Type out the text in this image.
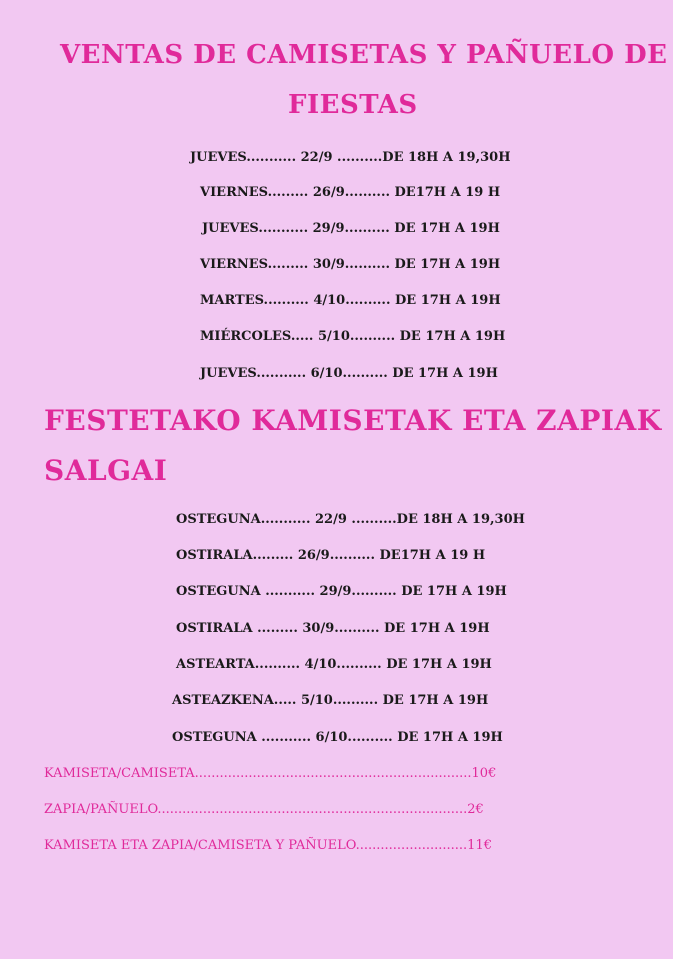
VENTAS DE CAMISETAS Y PAÑUELO DE
FIESTAS
JUEVES........... 22/9 ..........DE 18H A 19,30H
VIERNES......... 26/9.......... DE17H A 19 H
JUEVES........... 29/9.......... DE 17H A 19H
VIERNES......... 30/9.......... DE 17H A 19H
MARTES.......... 4/10.......... DE 17H A 19H
MIÉRCOLES..... 5/10.......... DE 17H A 19H
JUEVES........... 6/10.......... DE 17H A 19H
FESTETAKO KAMISETAK ETA ZAPIAK
SALGAI
OSTEGUNA........... 22/9 ..........DE 18H A 19,30H
OSTIRALA......... 26/9.......... DE17H A 19 H
OSTEGUNA ........... 29/9.......... DE 17H A 19H
OSTIRALA ......... 30/9.......... DE 17H A 19H
ASTEARTA.......... 4/10.......... DE 17H A 19H
ASTEAZKENA..... 5/10.......... DE 17H A 19H
OSTEGUNA ........... 6/10.......... DE 17H A 19H
KAMISETA/CAMISETA...................................................................10€
ZAPIA/PAÑUELO...........................................................................2€
KAMISETA ETA ZAPIA/CAMISETA Y PAÑUELO...........................11€
